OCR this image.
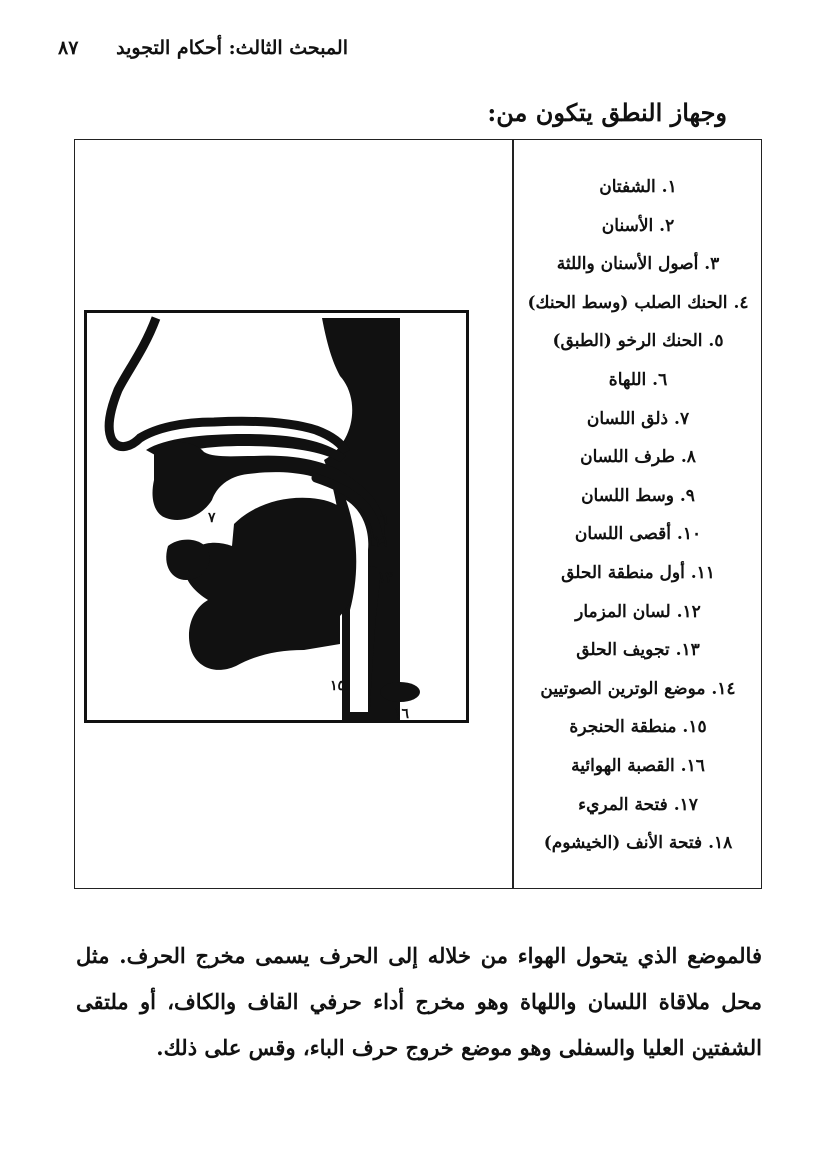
المبحث الثالث: أحكام التجويد
٨٧
وجهاز النطق يتكون من:
١. الشفتان
٢. الأسنان
٣. أصول الأسنان واللثة
٤. الحنك الصلب (وسط الحنك)
٥. الحنك الرخو (الطبق)
٦. اللهاة
٧. ذلق اللسان
٨. طرف اللسان
٩. وسط اللسان
١٠. أقصى اللسان
١١. أول منطقة الحلق
١٢. لسان المزمار
١٣. تجويف الحلق
١٤. موضع الوترين الصوتيين
١٥. منطقة الحنجرة
١٦. القصبة الهوائية
١٧. فتحة المريء
١٨. فتحة الأنف (الخيشوم)
٧	٦
١١
١٣
١٥
١٦

فالموضع الذي يتحول الهواء من خلاله إلى الحرف يسمى مخرج الحرف. مثل محل ملاقاة اللسان واللهاة وهو مخرج أداء حرفي القاف والكاف، أو ملتقى الشفتين العليا والسفلى وهو موضع خروج حرف الباء، وقس على ذلك.
